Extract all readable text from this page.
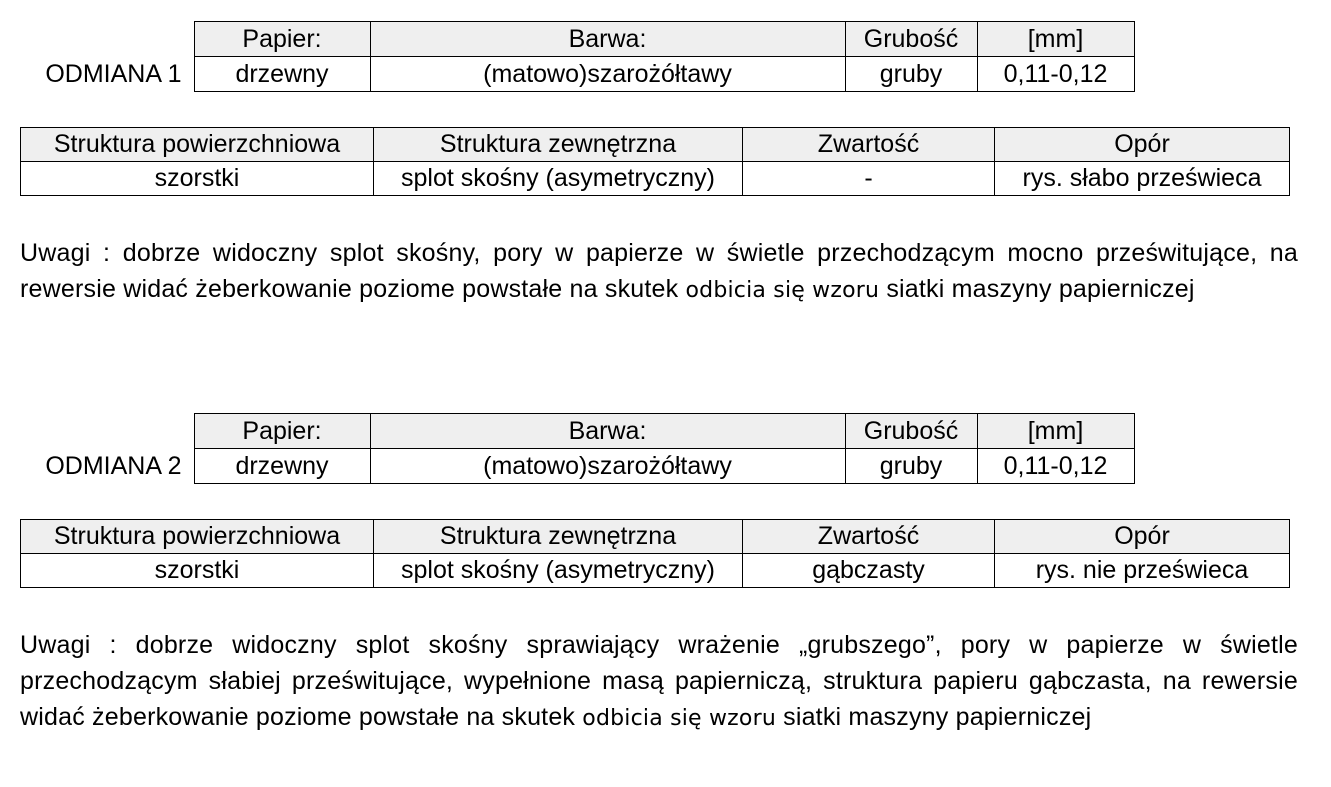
	Papier:	Barwa:	Grubość	[mm]
ODMIANA 1	drzewny	(matowo)szarożółtawy	gruby	0,11-0,12
Struktura powierzchniowa	Struktura zewnętrzna	Zwartość	Opór
szorstki	splot skośny (asymetryczny)	-	rys. słabo prześwieca
Uwagi : dobrze widoczny splot skośny, pory w papierze w świetle przechodzącym mocno prześwitujące, na rewersie widać żeberkowanie poziome powstałe na skutek odbicia się wzoru siatki maszyny papierniczej
	Papier:	Barwa:	Grubość	[mm]
ODMIANA 2	drzewny	(matowo)szarożółtawy	gruby	0,11-0,12
Struktura powierzchniowa	Struktura zewnętrzna	Zwartość	Opór
szorstki	splot skośny (asymetryczny)	gąbczasty	rys. nie prześwieca
Uwagi : dobrze widoczny splot skośny sprawiający wrażenie „grubszego”, pory w papierze w świetle przechodzącym słabiej prześwitujące, wypełnione masą papierniczą, struktura papieru gąbczasta, na rewersie widać żeberkowanie poziome powstałe na skutek odbicia się wzoru siatki maszyny papierniczej
